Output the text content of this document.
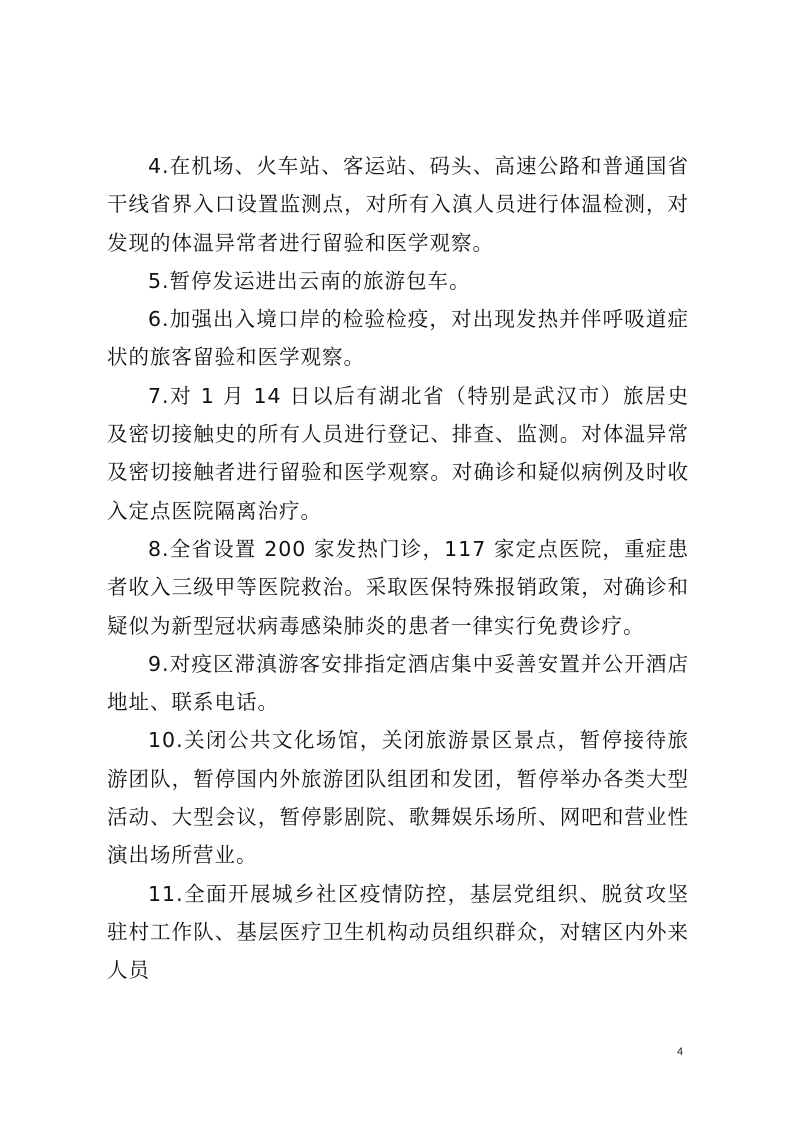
4.在机场、火车站、客运站、码头、高速公路和普通国省干线省界入口设置监测点，对所有入滇人员进行体温检测，对发现的体温异常者进行留验和医学观察。

5.暂停发运进出云南的旅游包车。

6.加强出入境口岸的检验检疫，对出现发热并伴呼吸道症状的旅客留验和医学观察。

7.对 1 月 14 日以后有湖北省（特别是武汉市）旅居史及密切接触史的所有人员进行登记、排查、监测。对体温异常及密切接触者进行留验和医学观察。对确诊和疑似病例及时收入定点医院隔离治疗。

8.全省设置 200 家发热门诊，117 家定点医院，重症患者收入三级甲等医院救治。采取医保特殊报销政策，对确诊和疑似为新型冠状病毒感染肺炎的患者一律实行免费诊疗。

9.对疫区滞滇游客安排指定酒店集中妥善安置并公开酒店地址、联系电话。

10.关闭公共文化场馆，关闭旅游景区景点，暂停接待旅游团队，暂停国内外旅游团队组团和发团，暂停举办各类大型活动、大型会议，暂停影剧院、歌舞娱乐场所、网吧和营业性演出场所营业。

11.全面开展城乡社区疫情防控，基层党组织、脱贫攻坚驻村工作队、基层医疗卫生机构动员组织群众，对辖区内外来人员

4
